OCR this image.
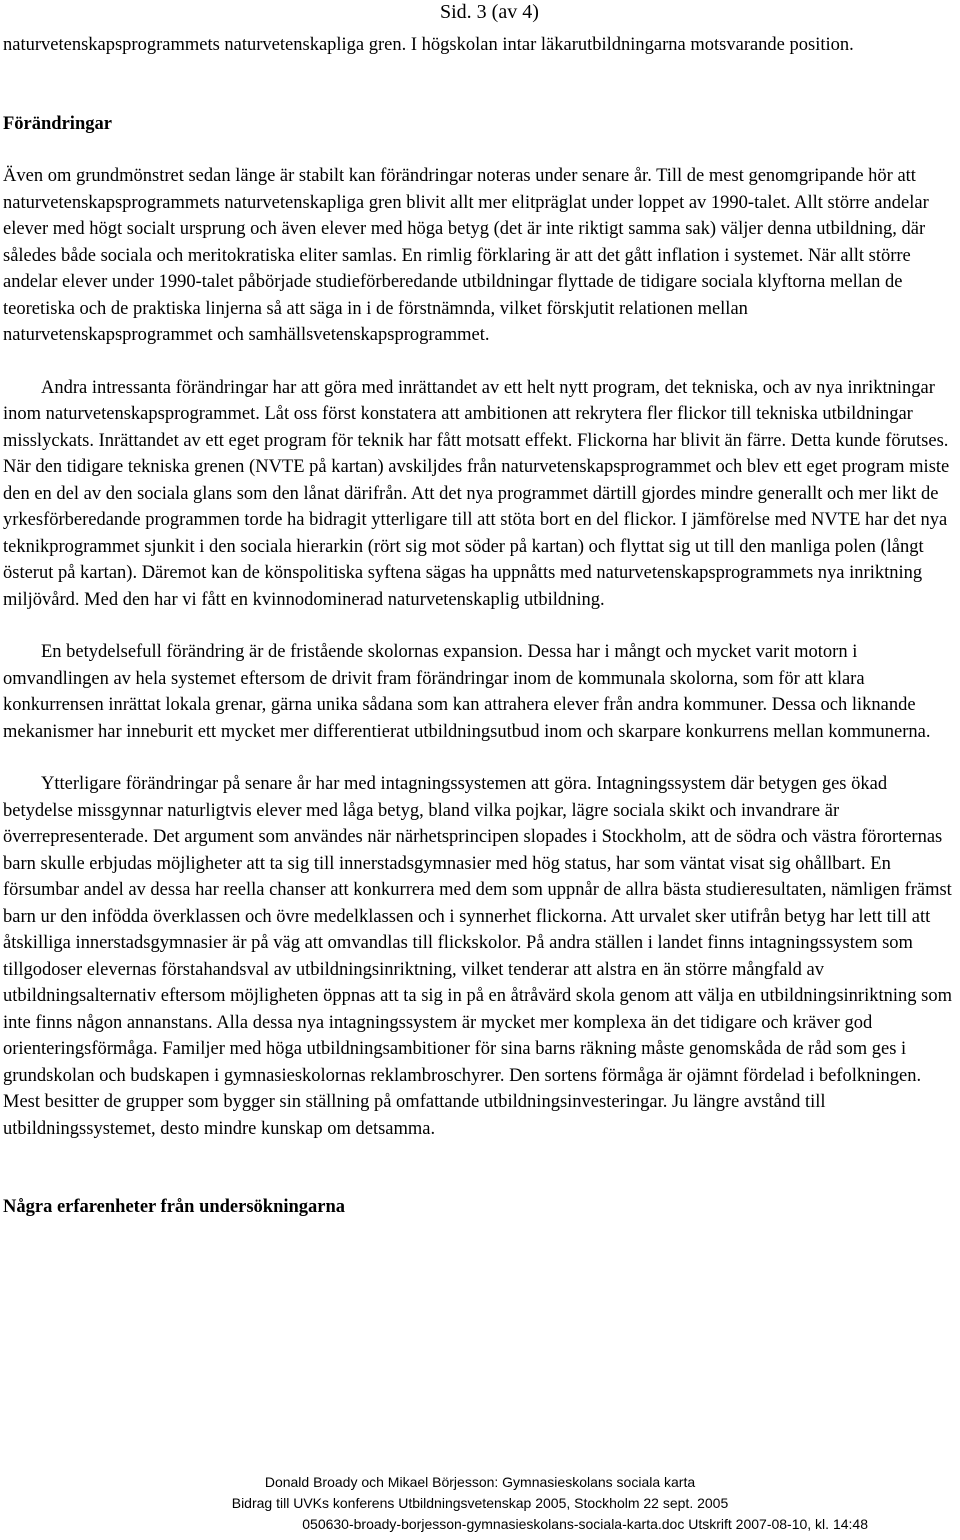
Sid. 3 (av 4)

naturvetenskapsprogrammets naturvetenskapliga gren. I högskolan intar läkarutbildningarna motsvarande position.

Förändringar

Även om grundmönstret sedan länge är stabilt kan förändringar noteras under senare år. Till de mest genomgripande hör att naturvetenskapsprogrammets naturvetenskapliga gren blivit allt mer elitpräglat under loppet av 1990-talet. Allt större andelar elever med högt socialt ursprung och även elever med höga betyg (det är inte riktigt samma sak) väljer denna utbildning, där således både sociala och meritokratiska eliter samlas. En rimlig förklaring är att det gått inflation i systemet. När allt större andelar elever under 1990-talet påbörjade studieförberedande utbildningar flyttade de tidigare sociala klyftorna mellan de teoretiska och de praktiska linjerna så att säga in i de förstnämnda, vilket förskjutit relationen mellan naturvetenskapsprogrammet och samhällsvetenskapsprogrammet.

Andra intressanta förändringar har att göra med inrättandet av ett helt nytt program, det tekniska, och av nya inriktningar inom naturvetenskapsprogrammet. Låt oss först konstatera att ambitionen att rekrytera fler flickor till tekniska utbildningar misslyckats. Inrättandet av ett eget program för teknik har fått motsatt effekt. Flickorna har blivit än färre. Detta kunde förutses. När den tidigare tekniska grenen (NVTE på kartan) avskiljdes från naturvetenskapsprogrammet och blev ett eget program miste den en del av den sociala glans som den lånat därifrån. Att det nya programmet därtill gjordes mindre generallt och mer likt de yrkesförberedande programmen torde ha bidragit ytterligare till att stöta bort en del flickor. I jämförelse med NVTE har det nya teknikprogrammet sjunkit i den sociala hierarkin (rört sig mot söder på kartan) och flyttat sig ut till den manliga polen (långt österut på kartan). Däremot kan de könspolitiska syftena sägas ha uppnåtts med naturvetenskapsprogrammets nya inriktning miljövård. Med den har vi fått en kvinnodominerad naturvetenskaplig utbildning.

En betydelsefull förändring är de fristående skolornas expansion. Dessa har i mångt och mycket varit motorn i omvandlingen av hela systemet eftersom de drivit fram förändringar inom de kommunala skolorna, som för att klara konkurrensen inrättat lokala grenar, gärna unika sådana som kan attrahera elever från andra kommuner. Dessa och liknande mekanismer har inneburit ett mycket mer differentierat utbildningsutbud inom och skarpare konkurrens mellan kommunerna.

Ytterligare förändringar på senare år har med intagningssystemen att göra. Intagningssystem där betygen ges ökad betydelse missgynnar naturligtvis elever med låga betyg, bland vilka pojkar, lägre sociala skikt och invandrare är överrepresenterade. Det argument som användes när närhetsprincipen slopades i Stockholm, att de södra och västra förorternas barn skulle erbjudas möjligheter att ta sig till innerstadsgymnasier med hög status, har som väntat visat sig ohållbart. En försumbar andel av dessa har reella chanser att konkurrera med dem som uppnår de allra bästa studieresultaten, nämligen främst barn ur den infödda överklassen och övre medelklassen och i synnerhet flickorna. Att urvalet sker utifrån betyg har lett till att åtskilliga innerstadsgymnasier är på väg att omvandlas till flickskolor. På andra ställen i landet finns intagningssystem som tillgodoser elevernas förstahandsval av utbildningsinriktning, vilket tenderar att alstra en än större mångfald av utbildningsalternativ eftersom möjligheten öppnas att ta sig in på en åtråvärd skola genom att välja en utbildningsinriktning som inte finns någon annanstans. Alla dessa nya intagningssystem är mycket mer komplexa än det tidigare och kräver god orienteringsförmåga. Familjer med höga utbildningsambitioner för sina barns räkning måste genomskåda de råd som ges i grundskolan och budskapen i gymnasieskolornas reklambroschyrer. Den sortens förmåga är ojämnt fördelad i befolkningen. Mest besitter de grupper som bygger sin ställning på omfattande utbildningsinvesteringar. Ju längre avstånd till utbildningssystemet, desto mindre kunskap om detsamma.

Några erfarenheter från undersökningarna
Donald Broady och Mikael Börjesson: Gymnasieskolans sociala karta
Bidrag till UVKs konferens Utbildningsvetenskap 2005, Stockholm 22 sept. 2005
050630-broady-borjesson-gymnasieskolans-sociala-karta.doc Utskrift 2007-08-10, kl. 14:48
